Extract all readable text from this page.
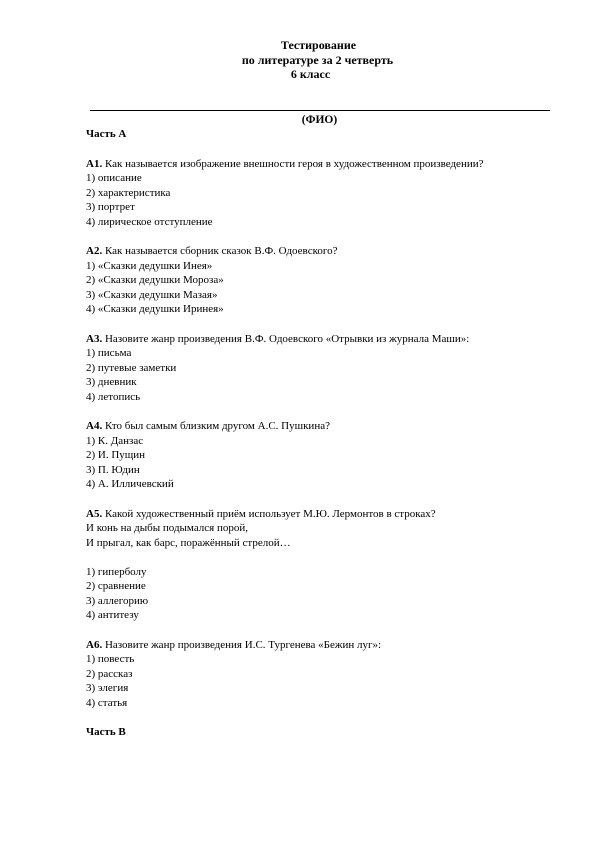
Тестирование
по литературе за 2 четверть
6 класс
(ФИО)
Часть А
А1. Как называется изображение внешности героя в художественном произведении?
1) описание
2) характеристика
3) портрет
4) лирическое отступление
А2. Как называется сборник сказок В.Ф. Одоевского?
1) «Сказки дедушки Инея»
2) «Сказки дедушки Мороза»
3) «Сказки дедушки Мазая»
4) «Сказки дедушки Иринея»
А3. Назовите жанр произведения В.Ф. Одоевского «Отрывки из журнала Маши»:
1) письма
2) путевые заметки
3) дневник
4) летопись
А4. Кто был самым близким другом А.С. Пушкина?
1) К. Данзас
2) И. Пущин
3) П. Юдин
4) А. Илличевский
А5. Какой художественный приём использует М.Ю. Лермонтов в строках?
И конь на дыбы подымался порой,
И прыгал, как барс, поражённый стрелой…
1) гиперболу
2) сравнение
3) аллегорию
4) антитезу
А6. Назовите жанр произведения И.С. Тургенева «Бежин луг»:
1) повесть
2) рассказ
3) элегия
4) статья
Часть В
